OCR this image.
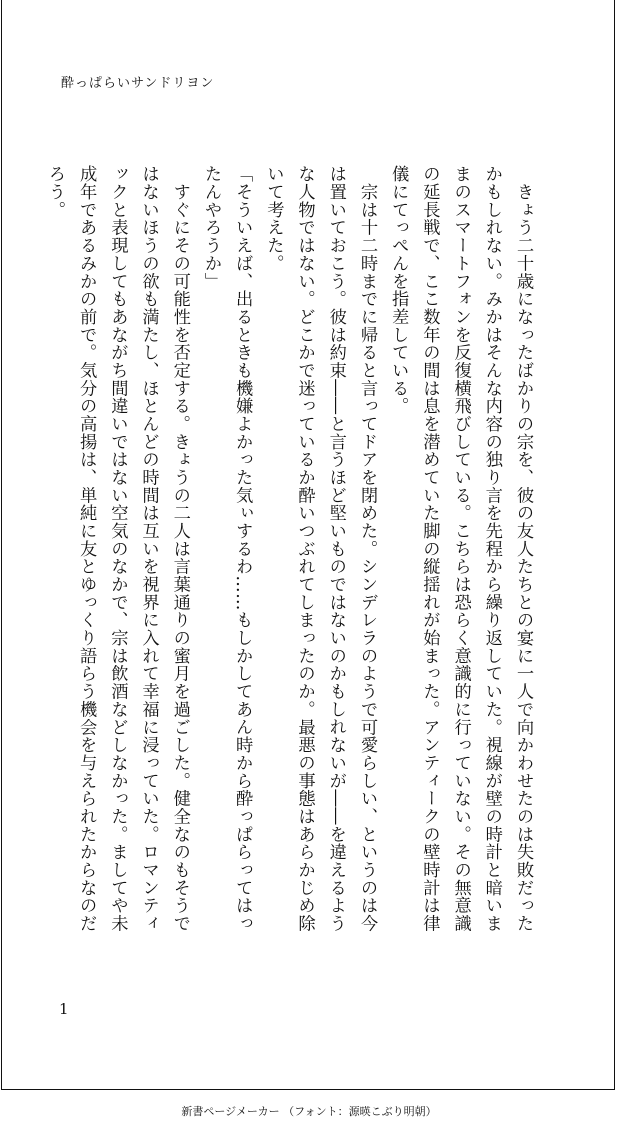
酔っぱらいサンドリヨン

　きょう二十歳になったばかりの宗を、彼の友人たちとの宴に一人で向かわせたのは失敗だったかもしれない。みかはそんな内容の独り言を先程から繰り返していた。視線が壁の時計と暗いままのスマートフォンを反復横飛びしている。こちらは恐らく意識的に行っていない。その無意識の延長戦で、ここ数年の間は息を潜めていた脚の縦揺れが始まった。アンティークの壁時計は律儀にてっぺんを指差している。

　宗は十二時までに帰ると言ってドアを閉めた。シンデレラのようで可愛らしい、というのは今は置いておこう。彼は約束――と言うほど堅いものではないのかもしれないが――を違えるような人物ではない。どこかで迷っているか酔いつぶれてしまったのか。最悪の事態はあらかじめ除いて考えた。

「そういえば、出るときも機嫌よかった気ぃするわ……もしかしてあん時から酔っぱらってはったんやろうか」

　すぐにその可能性を否定する。きょうの二人は言葉通りの蜜月を過ごした。健全なのもそうではないほうの欲も満たし、ほとんどの時間は互いを視界に入れて幸福に浸っていた。ロマンティックと表現してもあながち間違いではない空気のなかで、宗は飲酒などしなかった。ましてや未成年であるみかの前で。気分の高揚は、単純に友とゆっくり語らう機会を与えられたからなのだろう。

1
新書ページメーカー （フォント：源暎こぶり明朝）
